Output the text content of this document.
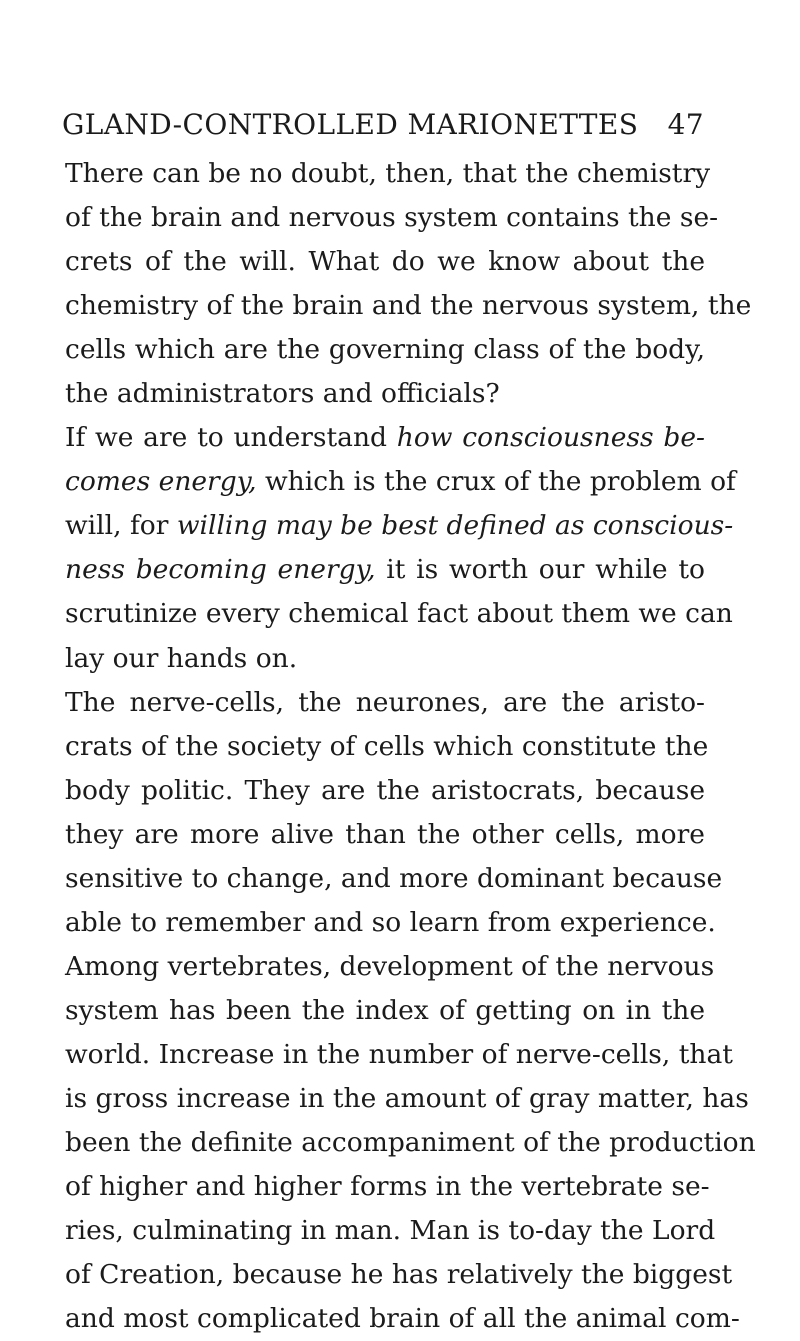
GLAND-CONTROLLED MARIONETTES 47
There can be no doubt, then, that the chemistry
of the brain and nervous system contains the se-
crets of the will. What do we know about the
chemistry of the brain and the nervous system, the
cells which are the governing class of the body,
the administrators and officials?
If we are to understand how consciousness be-
comes energy, which is the crux of the problem of
will, for willing may be best defined as conscious-
ness becoming energy, it is worth our while to
scrutinize every chemical fact about them we can
lay our hands on.
The nerve-cells, the neurones, are the aristo-
crats of the society of cells which constitute the
body politic. They are the aristocrats, because
they are more alive than the other cells, more
sensitive to change, and more dominant because
able to remember and so learn from experience.
Among vertebrates, development of the nervous
system has been the index of getting on in the
world. Increase in the number of nerve-cells, that
is gross increase in the amount of gray matter, has
been the definite accompaniment of the production
of higher and higher forms in the vertebrate se-
ries, culminating in man. Man is to-day the Lord
of Creation, because he has relatively the biggest
and most complicated brain of all the animal com-
